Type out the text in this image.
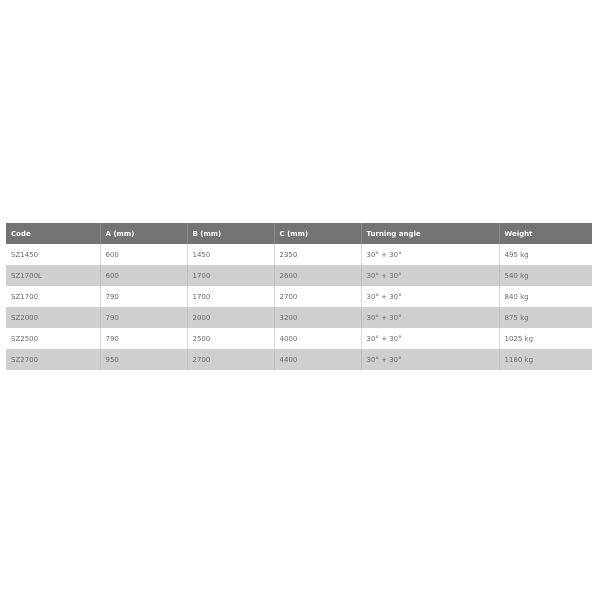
Code	A (mm)	B (mm)	C (mm)	Turning angle	Weight
SZ1450	600	1450	2350	30° + 30°	495 kg
SZ1700L	600	1700	2600	30° + 30°	540 kg
SZ1700	790	1700	2700	30° + 30°	840 kg
SZ2000	790	2000	3200	30° + 30°	875 kg
SZ2500	790	2500	4000	30° + 30°	1025 kg
SZ2700	950	2700	4400	30° + 30°	1180 kg
